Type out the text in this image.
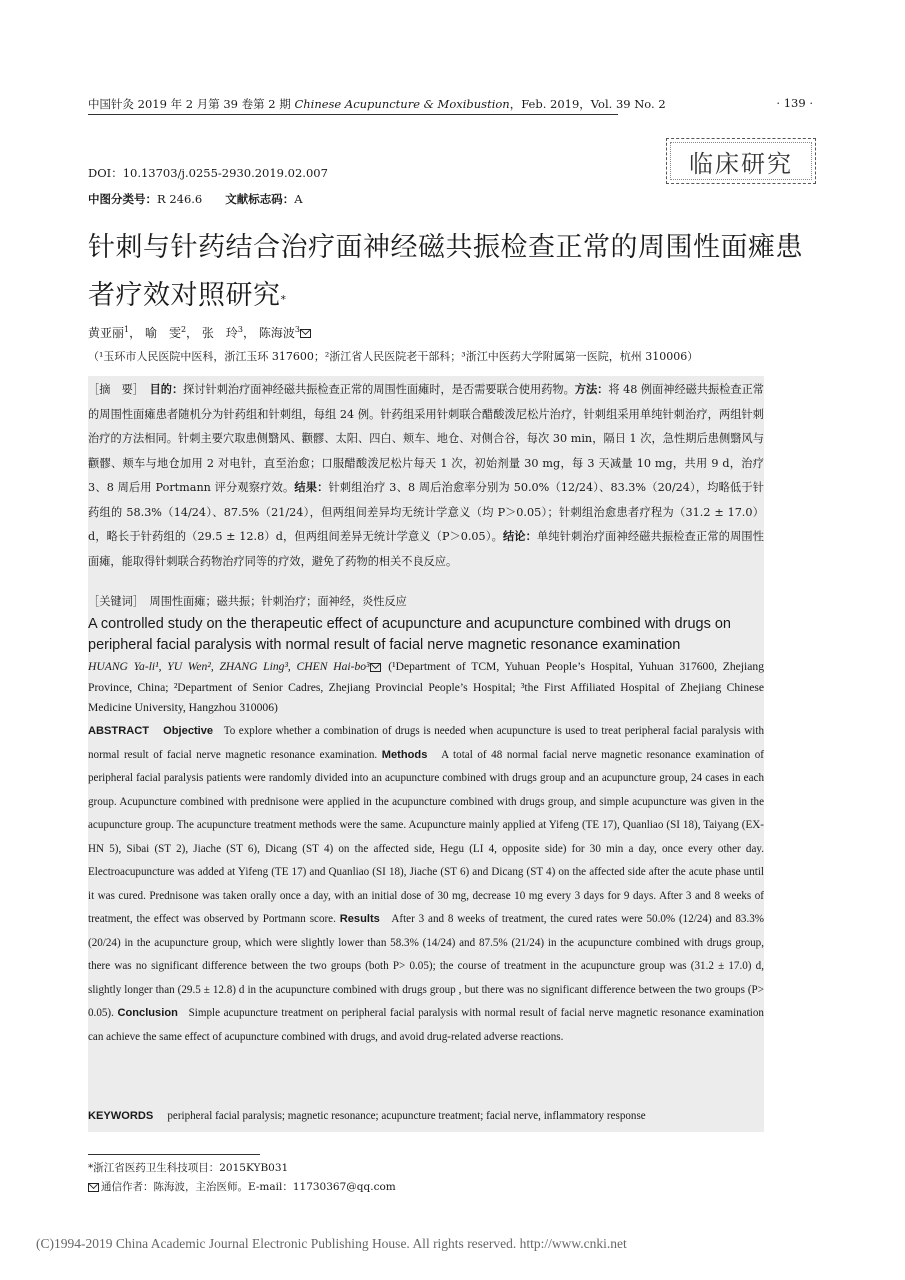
中国针灸 2019 年 2 月第 39 卷第 2 期 Chinese Acupuncture & Moxibustion，Feb. 2019，Vol. 39 No. 2	· 139 ·
临床研究
DOI：10.13703/j.0255-2930.2019.02.007
中图分类号：R 246.6　　 文献标志码：A
针刺与针药结合治疗面神经磁共振检查正常的周围性面瘫患者疗效对照研究*
黄亚丽$^1$， 喻　雯$^2$， 张　玲$^3$， 陈海波$^3$
（¹玉环市人民医院中医科，浙江玉环 317600；²浙江省人民医院老干部科；³浙江中医药大学附属第一医院，杭州 310006）
［摘　要］　 目的：探讨针刺治疗面神经磁共振检查正常的周围性面瘫时，是否需要联合使用药物。方法：将 48 例面神经磁共振检查正常的周围性面瘫患者随机分为针药组和针刺组，每组 24 例。针药组采用针刺联合醋酸泼尼松片治疗，针刺组采用单纯针刺治疗，两组针刺治疗的方法相同。针刺主要穴取患侧翳风、颧髎、太阳、四白、颊车、地仓、对侧合谷，每次 30 min，隔日 1 次，急性期后患侧翳风与颧髎、颊车与地仓加用 2 对电针，直至治愈；口服醋酸泼尼松片每天 1 次，初始剂量 30 mg，每 3 天减量 10 mg，共用 9 d，治疗 3、8 周后用 Portmann 评分观察疗效。结果：针刺组治疗 3、8 周后治愈率分别为 50.0%（12/24）、83.3%（20/24），均略低于针药组的 58.3%（14/24）、87.5%（21/24），但两组间差异均无统计学意义（均 P＞0.05）；针刺组治愈患者疗程为（31.2 ± 17.0）d，略长于针药组的（29.5 ± 12.8）d，但两组间差异无统计学意义（P＞0.05）。结论：单纯针刺治疗面神经磁共振检查正常的周围性面瘫，能取得针刺联合药物治疗同等的疗效，避免了药物的相关不良反应。
［关键词］　 周围性面瘫；磁共振；针刺治疗；面神经，炎性反应
A controlled study on the therapeutic effect of acupuncture and acupuncture combined with drugs on peripheral facial paralysis with normal result of facial nerve magnetic resonance examination
HUANG Ya-li¹, YU Wen², ZHANG Ling³, CHEN Hai-bo³ (¹Department of TCM, Yuhuan People’s Hospital, Yuhuan 317600, Zhejiang Province, China; ²Department of Senior Cadres, Zhejiang Provincial People’s Hospital; ³the First Affiliated Hospital of Zhejiang Chinese Medicine University, Hangzhou 310006)
ABSTRACT Objective To explore whether a combination of drugs is needed when acupuncture is used to treat peripheral facial paralysis with normal result of facial nerve magnetic resonance examination. Methods A total of 48 normal facial nerve magnetic resonance examination of peripheral facial paralysis patients were randomly divided into an acupuncture combined with drugs group and an acupuncture group, 24 cases in each group. Acupuncture combined with prednisone were applied in the acupuncture combined with drugs group, and simple acupuncture was given in the acupuncture group. The acupuncture treatment methods were the same. Acupuncture mainly applied at Yifeng (TE 17), Quanliao (SI 18), Taiyang (EX-HN 5), Sibai (ST 2), Jiache (ST 6), Dicang (ST 4) on the affected side, Hegu (LI 4, opposite side) for 30 min a day, once every other day. Electroacupuncture was added at Yifeng (TE 17) and Quanliao (SI 18), Jiache (ST 6) and Dicang (ST 4) on the affected side after the acute phase until it was cured. Prednisone was taken orally once a day, with an initial dose of 30 mg, decrease 10 mg every 3 days for 9 days. After 3 and 8 weeks of treatment, the effect was observed by Portmann score. Results After 3 and 8 weeks of treatment, the cured rates were 50.0% (12/24) and 83.3% (20/24) in the acupuncture group, which were slightly lower than 58.3% (14/24) and 87.5% (21/24) in the acupuncture combined with drugs group, there was no significant difference between the two groups (both P> 0.05); the course of treatment in the acupuncture group was (31.2 ± 17.0) d, slightly longer than (29.5 ± 12.8) d in the acupuncture combined with drugs group , but there was no significant difference between the two groups (P> 0.05). Conclusion Simple acupuncture treatment on peripheral facial paralysis with normal result of facial nerve magnetic resonance examination can achieve the same effect of acupuncture combined with drugs, and avoid drug-related adverse reactions.
KEYWORDS peripheral facial paralysis; magnetic resonance; acupuncture treatment; facial nerve, inflammatory response
*浙江省医药卫生科技项目：2015KYB031
通信作者：陈海波，主治医师。E-mail：11730367@qq.com
(C)1994-2019 China Academic Journal Electronic Publishing House. All rights reserved. http://www.cnki.net
